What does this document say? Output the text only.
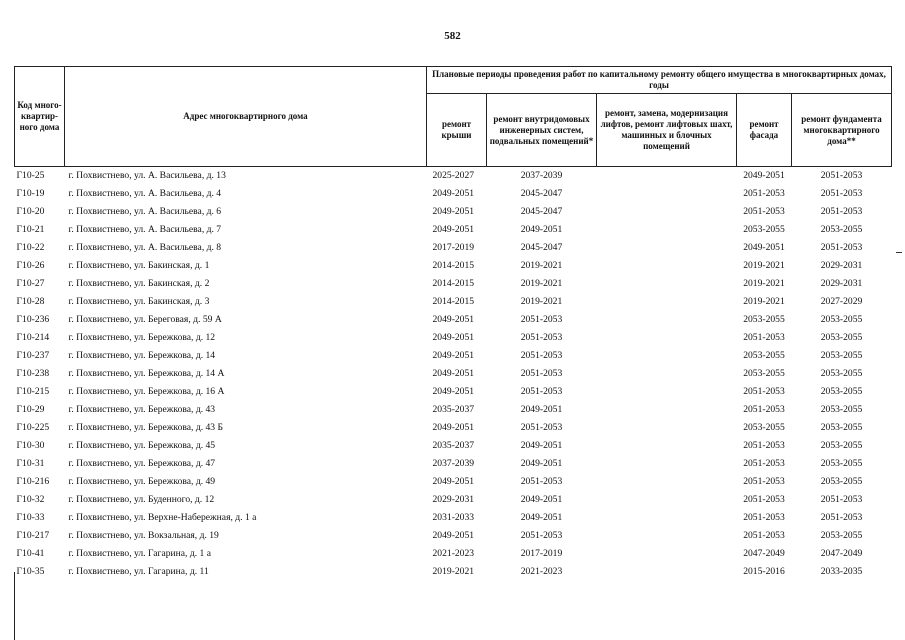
582
Код много-квартир-ного дома	Адрес многоквартирного дома	Плановые периоды проведения работ по капитальному ремонту общего имущества в многоквартирных домах, годы				
		ремонт крыши	ремонт внутридомовых инженерных систем, подвальных помещений*	ремонт, замена, модернизация лифтов, ремонт лифтовых шахт, машинных и блочных помещений	ремонт фасада	ремонт фундамента многоквартирного дома**
Г10-25	г. Похвистнево, ул. А. Васильева, д. 13	2025-2027	2037-2039		2049-2051	2051-2053
Г10-19	г. Похвистнево, ул. А. Васильева, д. 4	2049-2051	2045-2047		2051-2053	2051-2053
Г10-20	г. Похвистнево, ул. А. Васильева, д. 6	2049-2051	2045-2047		2051-2053	2051-2053
Г10-21	г. Похвистнево, ул. А. Васильева, д. 7	2049-2051	2049-2051		2053-2055	2053-2055
Г10-22	г. Похвистнево, ул. А. Васильева, д. 8	2017-2019	2045-2047		2049-2051	2051-2053
Г10-26	г. Похвистнево, ул. Бакинская, д. 1	2014-2015	2019-2021		2019-2021	2029-2031
Г10-27	г. Похвистнево, ул. Бакинская, д. 2	2014-2015	2019-2021		2019-2021	2029-2031
Г10-28	г. Похвистнево, ул. Бакинская, д. 3	2014-2015	2019-2021		2019-2021	2027-2029
Г10-236	г. Похвистнево, ул. Береговая, д. 59 А	2049-2051	2051-2053		2053-2055	2053-2055
Г10-214	г. Похвистнево, ул. Бережкова, д. 12	2049-2051	2051-2053		2051-2053	2053-2055
Г10-237	г. Похвистнево, ул. Бережкова, д. 14	2049-2051	2051-2053		2053-2055	2053-2055
Г10-238	г. Похвистнево, ул. Бережкова, д. 14 А	2049-2051	2051-2053		2053-2055	2053-2055
Г10-215	г. Похвистнево, ул. Бережкова, д. 16 А	2049-2051	2051-2053		2051-2053	2053-2055
Г10-29	г. Похвистнево, ул. Бережкова, д. 43	2035-2037	2049-2051		2051-2053	2053-2055
Г10-225	г. Похвистнево, ул. Бережкова, д. 43 Б	2049-2051	2051-2053		2053-2055	2053-2055
Г10-30	г. Похвистнево, ул. Бережкова, д. 45	2035-2037	2049-2051		2051-2053	2053-2055
Г10-31	г. Похвистнево, ул. Бережкова, д. 47	2037-2039	2049-2051		2051-2053	2053-2055
Г10-216	г. Похвистнево, ул. Бережкова, д. 49	2049-2051	2051-2053		2051-2053	2053-2055
Г10-32	г. Похвистнево, ул. Буденного, д. 12	2029-2031	2049-2051		2051-2053	2051-2053
Г10-33	г. Похвистнево, ул. Верхне-Набережная, д. 1 а	2031-2033	2049-2051		2051-2053	2051-2053
Г10-217	г. Похвистнево, ул. Вокзальная, д. 19	2049-2051	2051-2053		2051-2053	2053-2055
Г10-41	г. Похвистнево, ул. Гагарина, д. 1 а	2021-2023	2017-2019		2047-2049	2047-2049
Г10-35	г. Похвистнево, ул. Гагарина, д. 11	2019-2021	2021-2023		2015-2016	2033-2035
